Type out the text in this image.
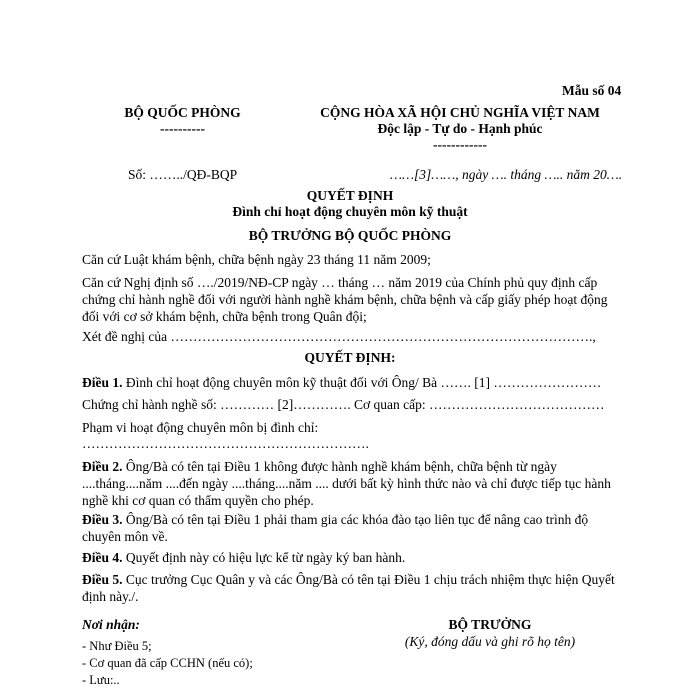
Mẫu số 04
BỘ QUỐC PHÒNG
----------
CỘNG HÒA XÃ HỘI CHỦ NGHĨA VIỆT NAM
Độc lập - Tự do - Hạnh phúc
------------
Số: ……../QĐ-BQP	……[3]……, ngày …. tháng ….. năm 20….
QUYẾT ĐỊNH
Đình chỉ hoạt động chuyên môn kỹ thuật
BỘ TRƯỞNG BỘ QUỐC PHÒNG
Căn cứ Luật khám bệnh, chữa bệnh ngày 23 tháng 11 năm 2009;
Căn cứ Nghị định số …./2019/NĐ-CP ngày … tháng … năm 2019 của Chính phủ quy định cấp chứng chỉ hành nghề đối với người hành nghề khám bệnh, chữa bệnh và cấp giấy phép hoạt động đối với cơ sở khám bệnh, chữa bệnh trong Quân đội;
Xét đề nghị của ………………………………………………………………………………….,
QUYẾT ĐỊNH:
Điều 1. Đình chỉ hoạt động chuyên môn kỹ thuật đối với Ông/ Bà ……. [1] ……………………
Chứng chỉ hành nghề số: ………… [2]…………. Cơ quan cấp: …………………………………
Phạm vi hoạt động chuyên môn bị đình chỉ:
……………………………………………………….
Điều 2. Ông/Bà có tên tại Điều 1 không được hành nghề khám bệnh, chữa bệnh từ ngày ....tháng....năm ....đến ngày ....tháng....năm .... dưới bất kỳ hình thức nào và chỉ được tiếp tục hành nghề khi cơ quan có thẩm quyền cho phép.
Điều 3. Ông/Bà có tên tại Điều 1 phải tham gia các khóa đào tạo liên tục để nâng cao trình độ chuyên môn về.
Điều 4. Quyết định này có hiệu lực kể từ ngày ký ban hành.
Điều 5. Cục trưởng Cục Quân y và các Ông/Bà có tên tại Điều 1 chịu trách nhiệm thực hiện Quyết định này./.
Nơi nhận:
- Như Điều 5;
- Cơ quan đã cấp CCHN (nếu có);
- Lưu:..
BỘ TRƯỞNG
(Ký, đóng dấu và ghi rõ họ tên)
